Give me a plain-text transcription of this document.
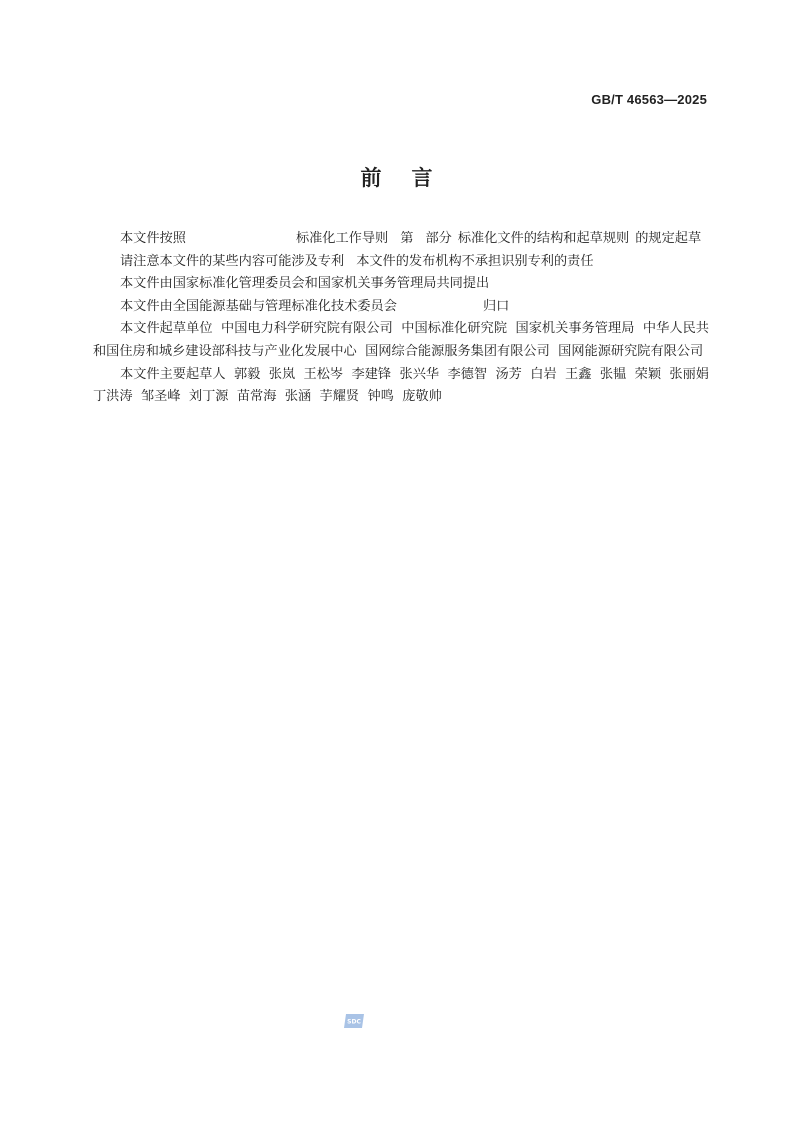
GB/T 46563—2025
前言

本文件按照	标准化工作导则 第 部分 标准化文件的结构和起草规则 的规定起草

请注意本文件的某些内容可能涉及专利 本文件的发布机构不承担识别专利的责任

本文件由国家标准化管理委员会和国家机关事务管理局共同提出

本文件由全国能源基础与管理标准化技术委员会	归口

本文件起草单位  中国电力科学研究院有限公司  中国标准化研究院  国家机关事务管理局  中华人民共和国住房和城乡建设部科技与产业化发展中心  国网综合能源服务集团有限公司  国网能源研究院有限公司

本文件主要起草人  郭毅  张岚  王松岑  李建锋  张兴华  李德智  汤芳  白岩  王鑫  张韫  荣颖  张丽娟  丁洪涛  邹圣峰  刘丁源  苗常海  张涵  芋耀贤  钟鸣  庞敬帅

SDC
